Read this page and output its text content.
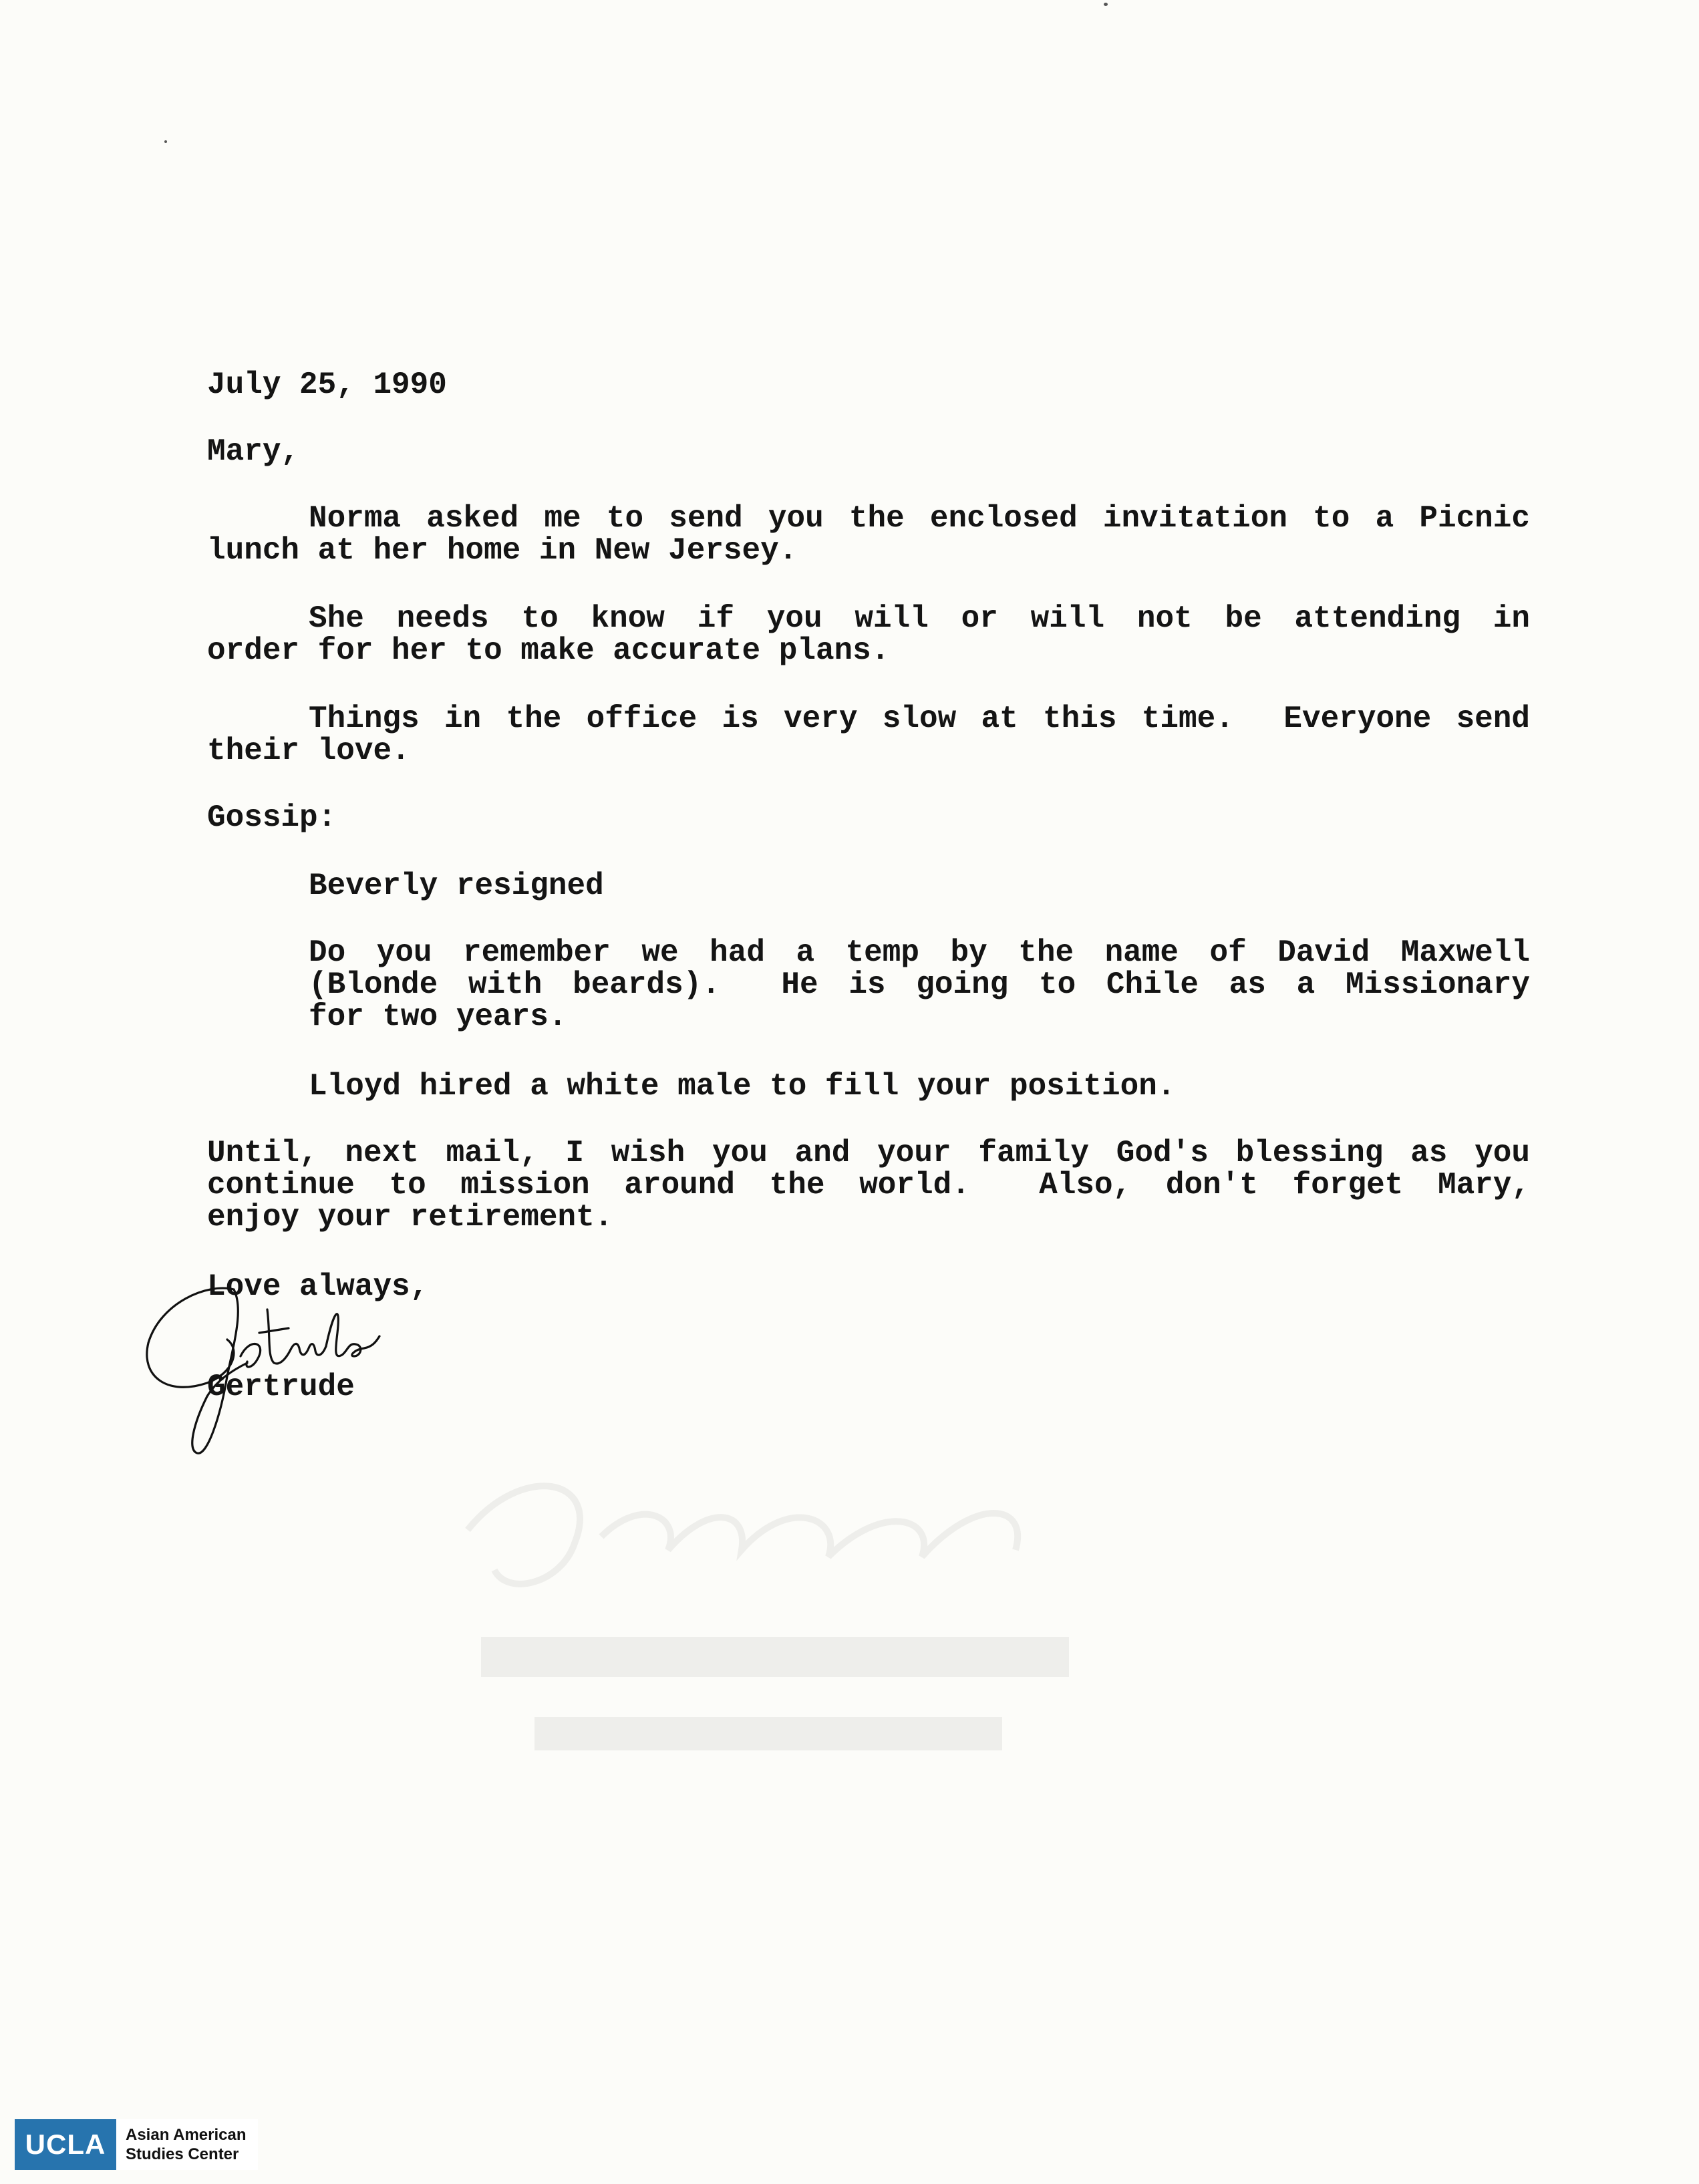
July 25, 1990
Mary,
Norma asked me to send you the enclosed invitation to a Picnic
lunch at her home in New Jersey.
She needs to know if you will or will not be attending in
order for her to make accurate plans.
Things in the office is very slow at this time.  Everyone send
their love.
Gossip:
Beverly resigned
Do you remember we had a temp by the name of David Maxwell
(Blonde with beards).  He is going to Chile as a Missionary
for two years.
Lloyd hired a white male to fill your position.
Until, next mail, I wish you and your family God's blessing as you
continue to mission around the world.  Also, don't forget Mary,
enjoy your retirement.
Love always,
Gertrude
UCLA	Asian American
Studies Center
